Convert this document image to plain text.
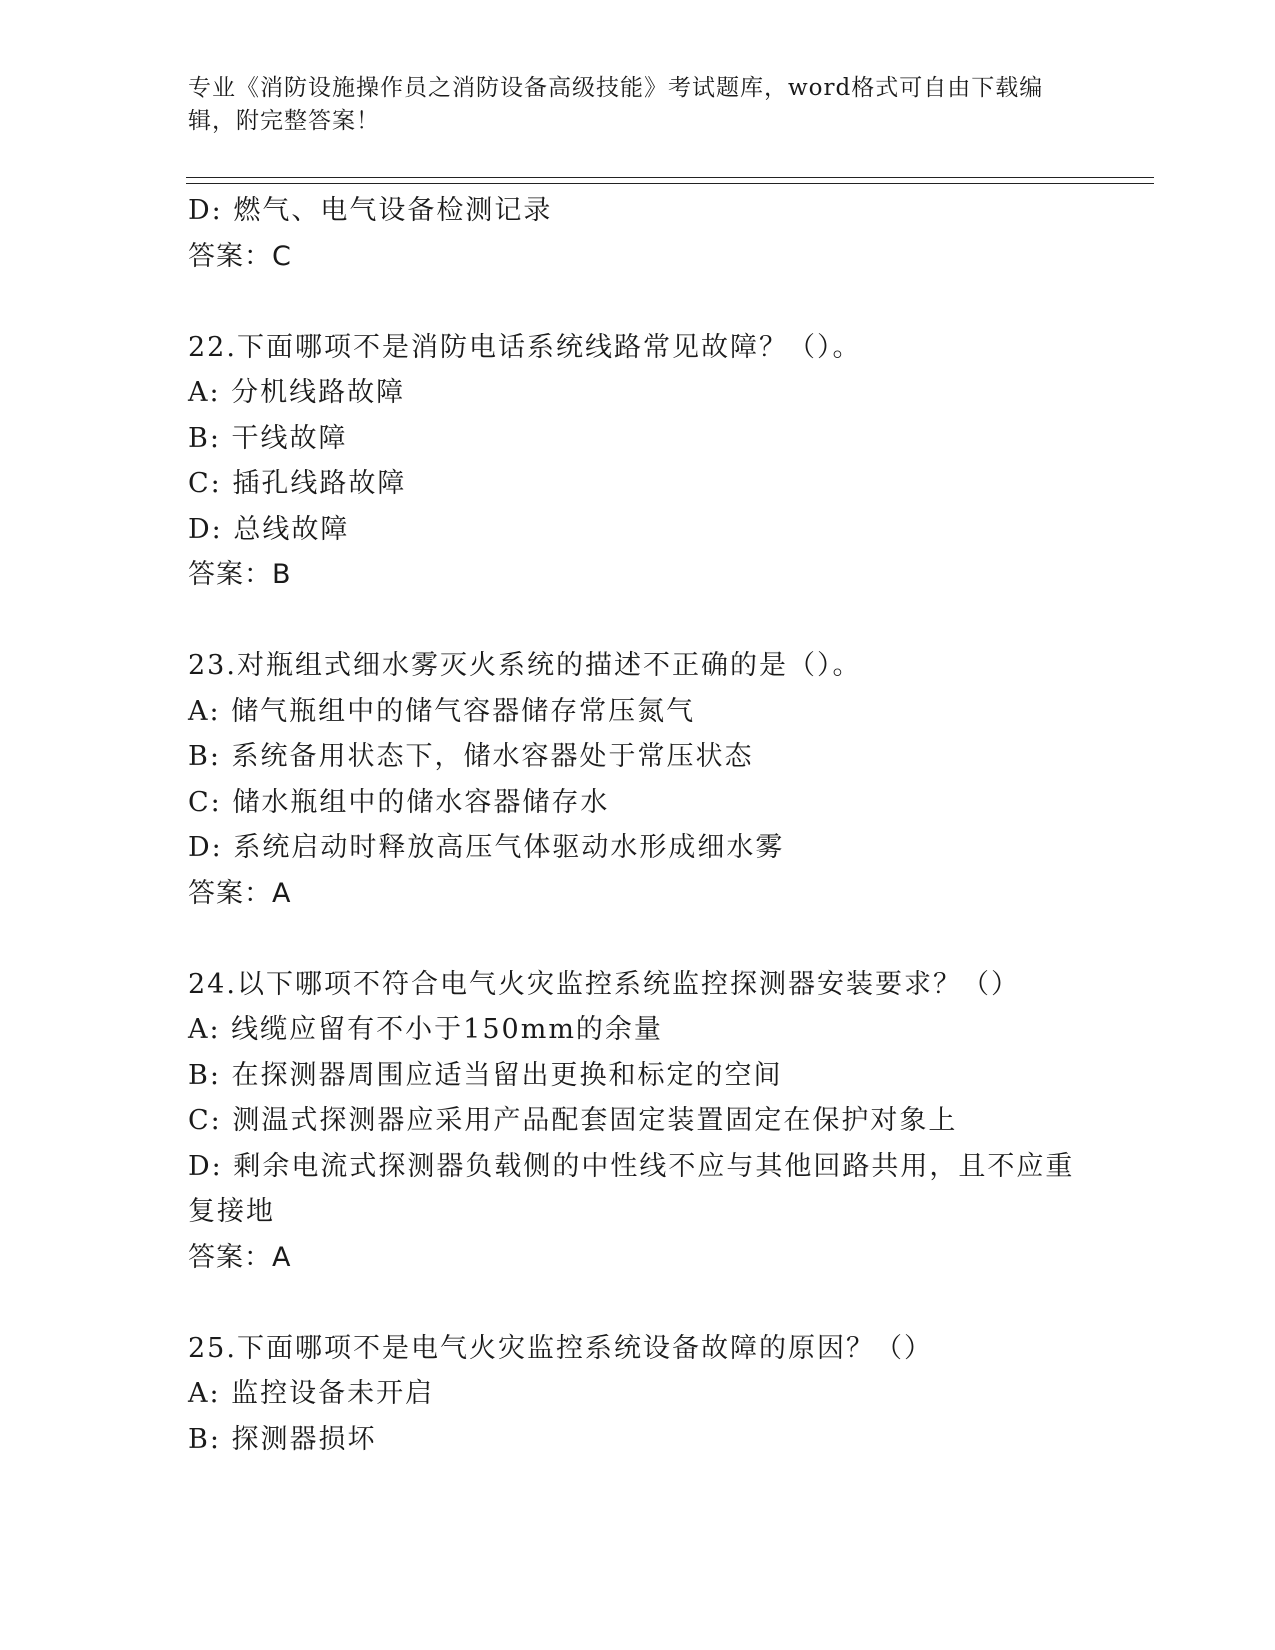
专业《消防设施操作员之消防设备高级技能》考试题库，word格式可自由下载编辑，附完整答案！
D: 燃气、电气设备检测记录
答案：C
22.下面哪项不是消防电话系统线路常见故障？（）。
A: 分机线路故障
B: 干线故障
C: 插孔线路故障
D: 总线故障
答案：B
23.对瓶组式细水雾灭火系统的描述不正确的是（）。
A: 储气瓶组中的储气容器储存常压氮气
B: 系统备用状态下，储水容器处于常压状态
C: 储水瓶组中的储水容器储存水
D: 系统启动时释放高压气体驱动水形成细水雾
答案：A
24.以下哪项不符合电气火灾监控系统监控探测器安装要求？（）
A: 线缆应留有不小于150mm的余量
B: 在探测器周围应适当留出更换和标定的空间
C: 测温式探测器应采用产品配套固定装置固定在保护对象上
D: 剩余电流式探测器负载侧的中性线不应与其他回路共用，且不应重复接地
答案：A
25.下面哪项不是电气火灾监控系统设备故障的原因？（）
A: 监控设备未开启
B: 探测器损坏
